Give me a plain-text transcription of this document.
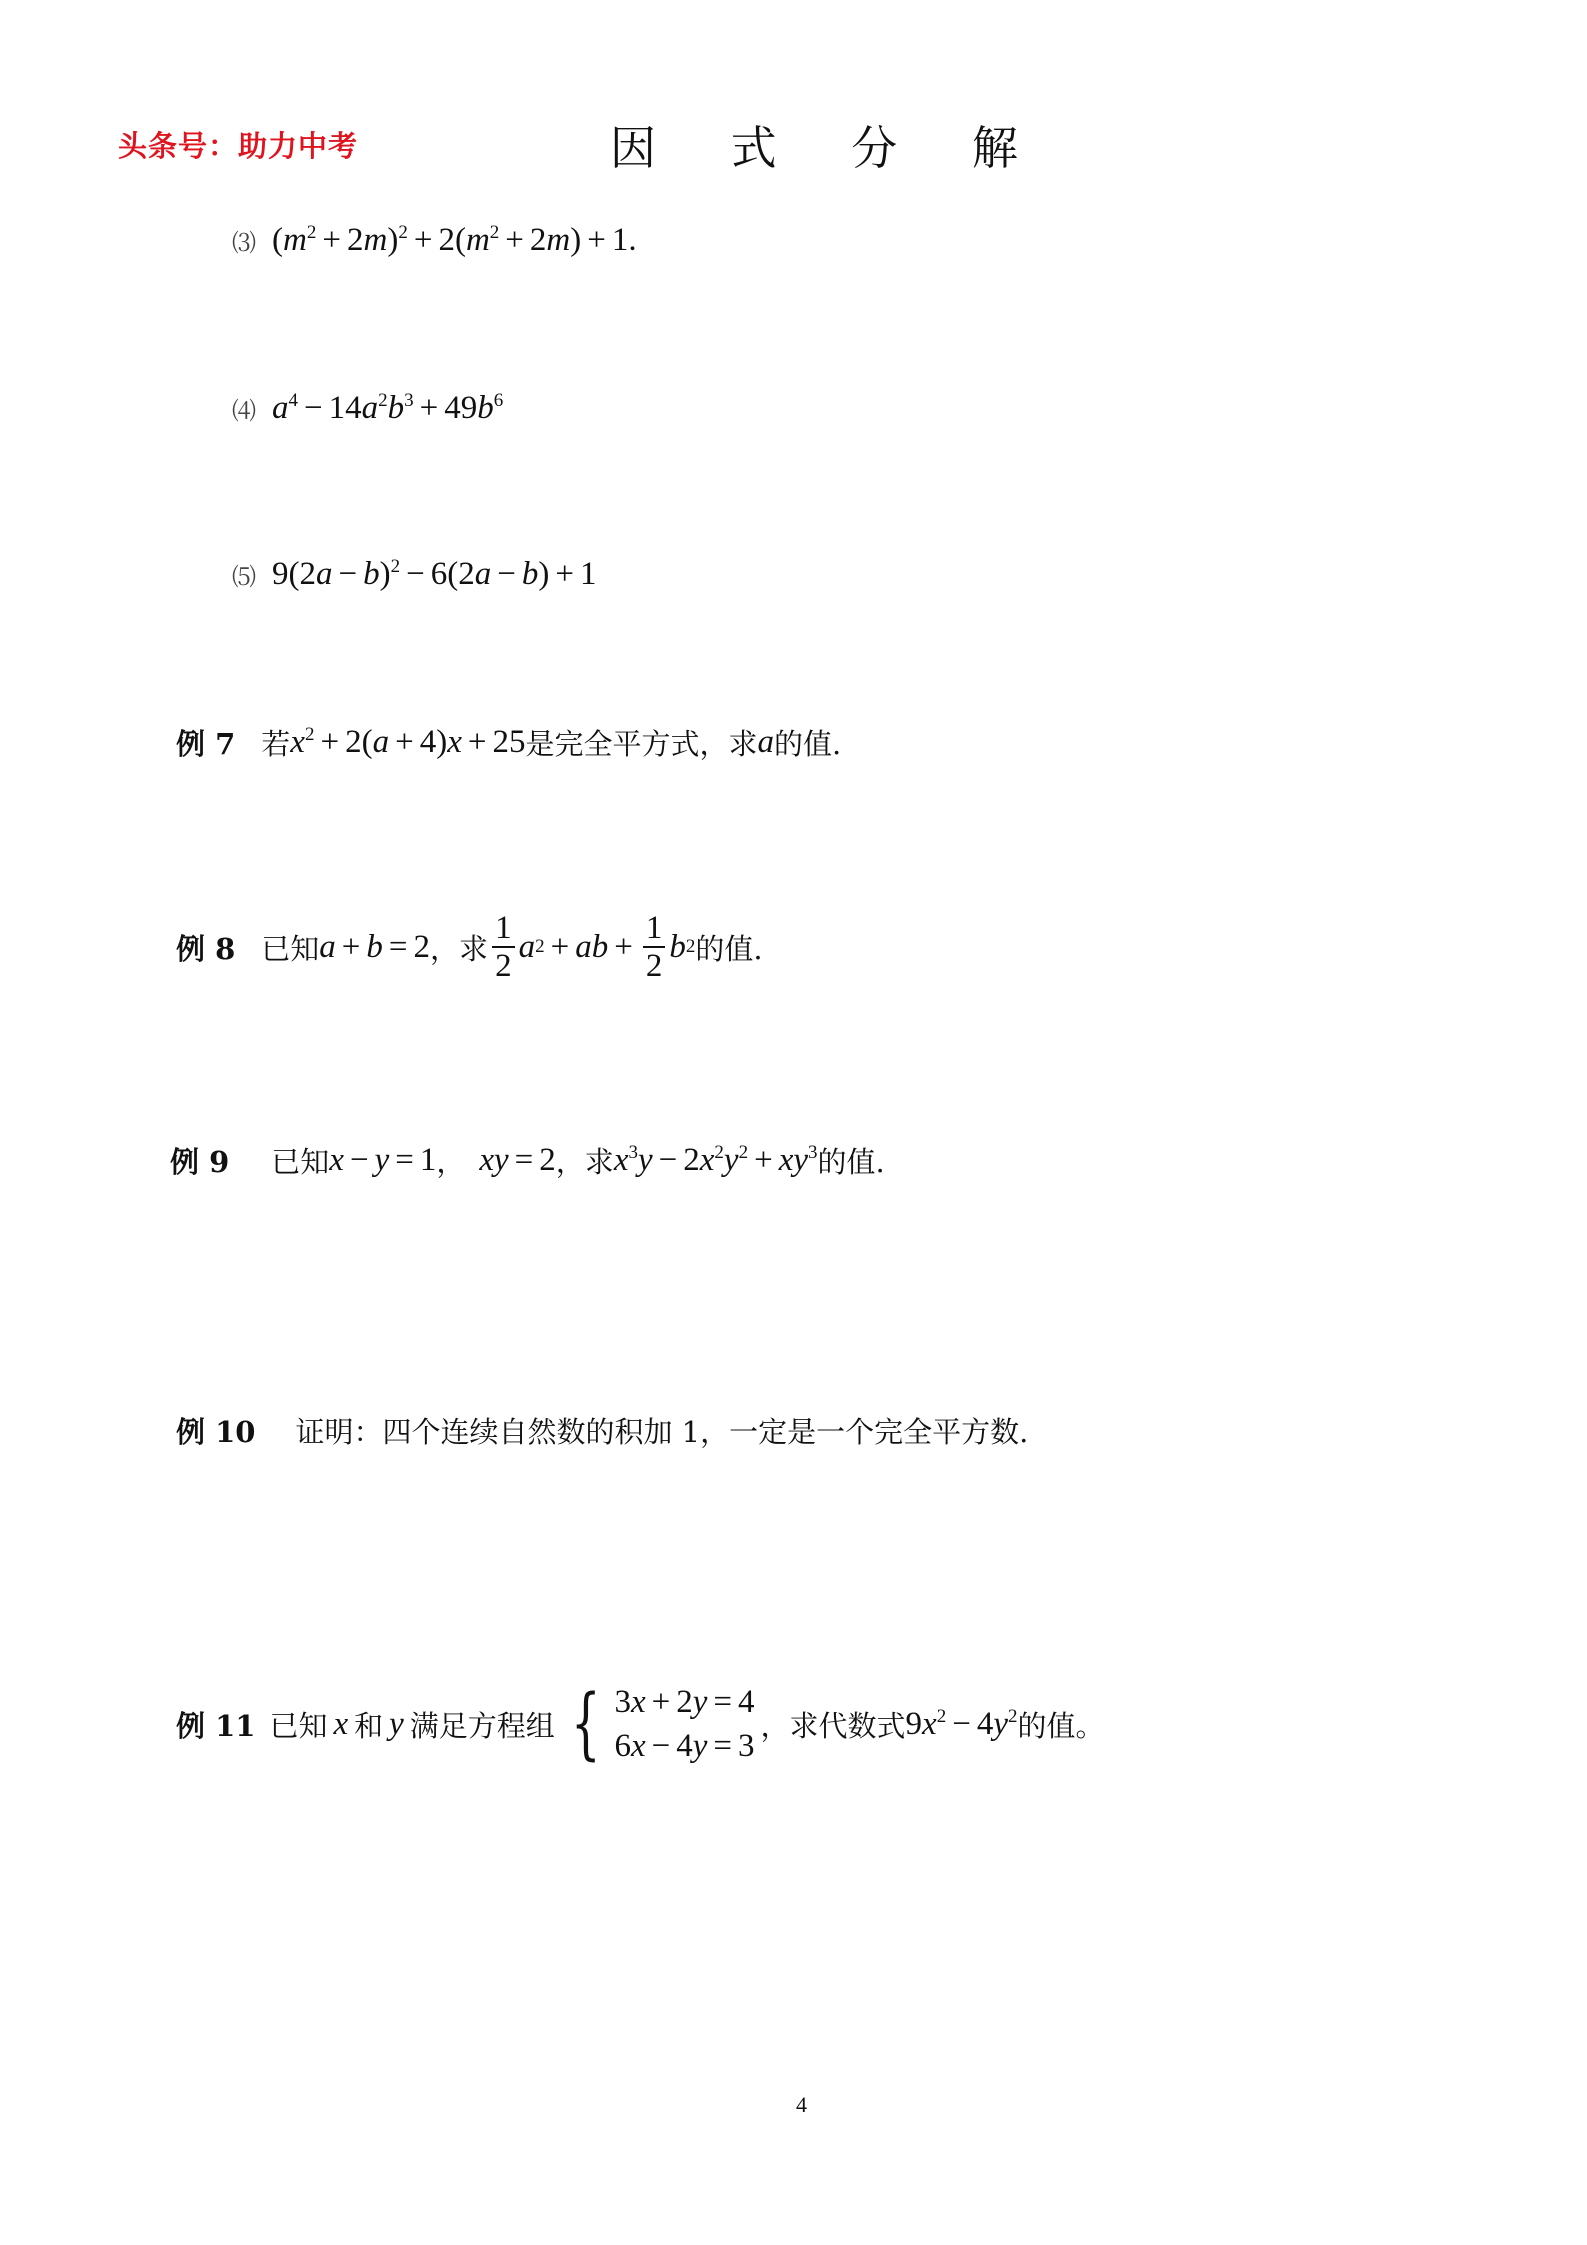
头条号：助力中考	因 式 分 解
⑶ $(m^2 + 2m)^2 + 2(m^2 + 2m) + 1$.
⑷ $a^4 - 14a^2b^3 + 49b^6$
⑸ $9(2a - b)^2 - 6(2a - b) + 1$
例 7 若 $x^2 + 2(a + 4)x + 25$ 是完全平方式，求 a 的值.
例 8 已知 a + b = 2 ，求 $\frac{1}{2}$ a 2 + ab + $\frac{1}{2}$ b 2 的值.
例 9 已知 x − y = 1 ， xy = 2 ，求 $x^3y - 2x^2y^2 + xy^3$ 的值.
例 10 证明：四个连续自然数的积加 1，一定是一个完全平方数.
例 11 已知 x 和 y 满足方程组 { 3x + 2y = 4
6x − 4y = 3
，求代数式 $9x^2 - 4y^2$ 的值。
4
